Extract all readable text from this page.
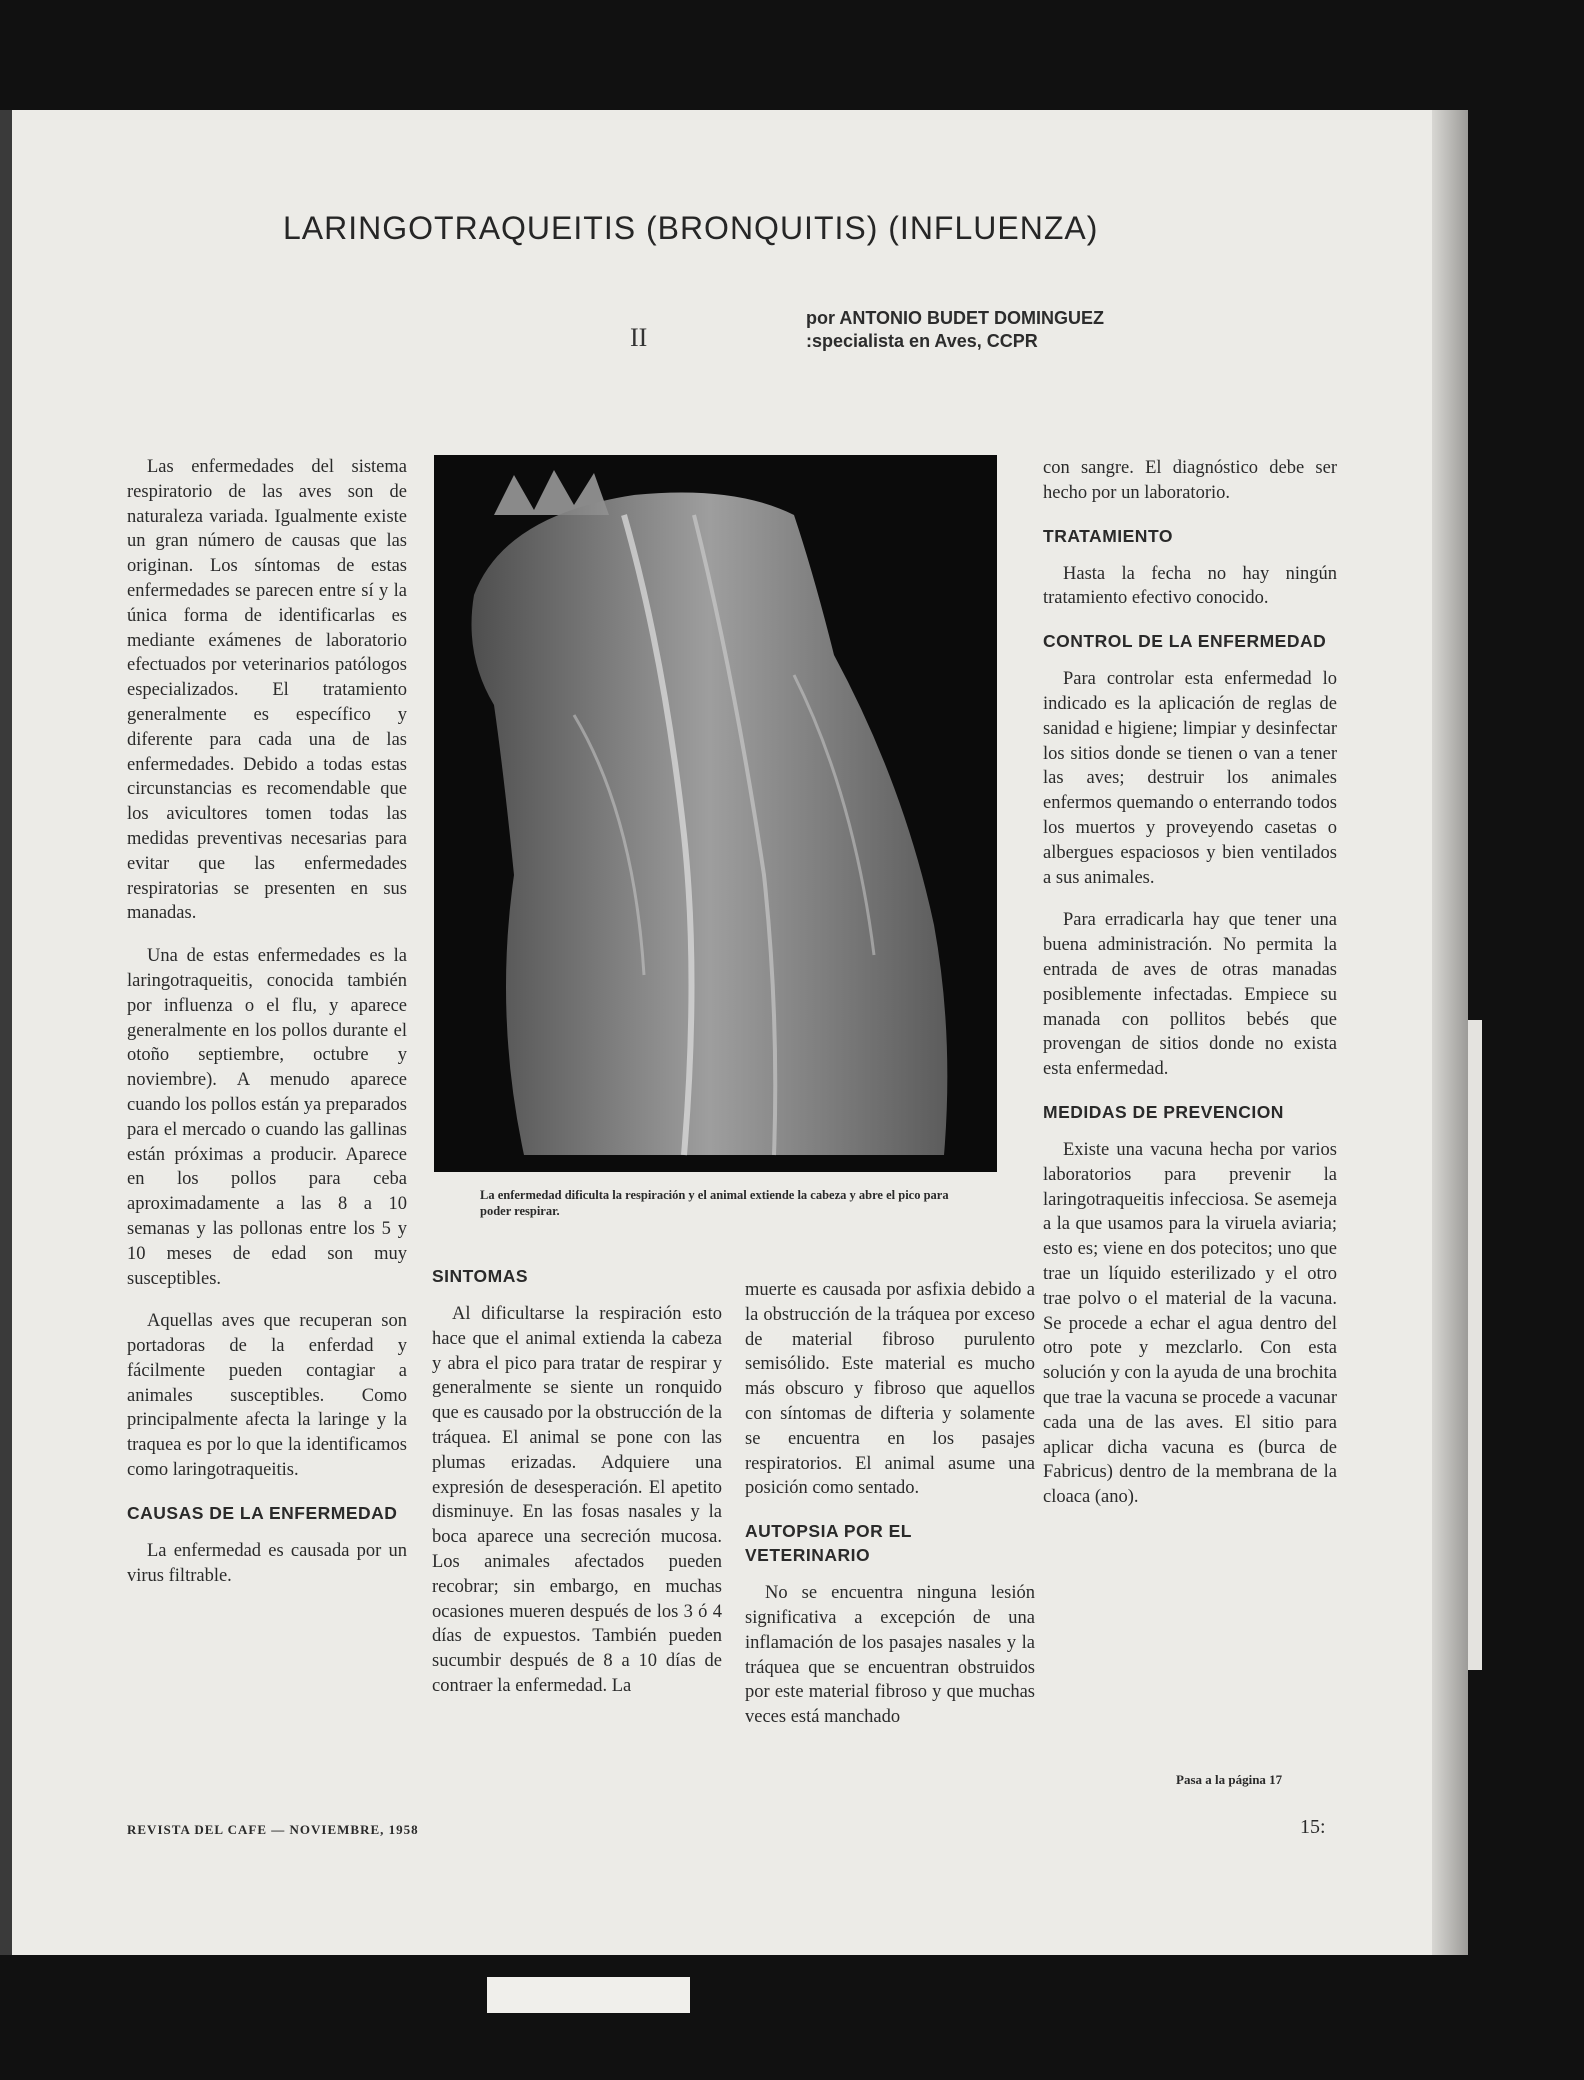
LARINGOTRAQUEITIS (BRONQUITIS) (INFLUENZA)
II
por ANTONIO BUDET DOMINGUEZ
:specialista en Aves, CCPR

Las enfermedades del sistema respiratorio de las aves son de naturaleza variada. Igualmente existe un gran número de causas que las originan. Los síntomas de estas enfermedades se parecen entre sí y la única forma de identificarlas es mediante exámenes de laboratorio efectuados por veterinarios patólogos especializados. El tratamiento generalmente es específico y diferente para cada una de las enfermedades. Debido a todas estas circunstancias es recomendable que los avicultores tomen todas las medidas preventivas necesarias para evitar que las enfermedades respiratorias se presenten en sus manadas.

Una de estas enfermedades es la laringotraqueitis, conocida también por influenza o el flu, y aparece generalmente en los pollos durante el otoño septiembre, octubre y noviembre). A menudo aparece cuando los pollos están ya preparados para el mercado o cuando las gallinas están próximas a producir. Aparece en los pollos para ceba aproximadamente a las 8 a 10 semanas y las pollonas entre los 5 y 10 meses de edad son muy susceptibles.

Aquellas aves que recuperan son portadoras de la enferdad y fácilmente pueden contagiar a animales susceptibles. Como principalmente afecta la laringe y la traquea es por lo que la identificamos como laringotraqueitis.

CAUSAS DE LA ENFERMEDAD

La enfermedad es causada por un virus filtrable.

La enfermedad dificulta la respiración y el animal extiende la cabeza y abre el pico para poder respirar.

SINTOMAS

Al dificultarse la respiración esto hace que el animal extienda la cabeza y abra el pico para tratar de respirar y generalmente se siente un ronquido que es causado por la obstrucción de la tráquea. El animal se pone con las plumas erizadas. Adquiere una expresión de desesperación. El apetito disminuye. En las fosas nasales y la boca aparece una secreción mucosa. Los animales afectados pueden recobrar; sin embargo, en muchas ocasiones mueren después de los 3 ó 4 días de expuestos. También pueden sucumbir después de 8 a 10 días de contraer la enfermedad. La

muerte es causada por asfixia debido a la obstrucción de la tráquea por exceso de material fibroso purulento semisólido. Este material es mucho más obscuro y fibroso que aquellos con síntomas de difteria y solamente se encuentra en los pasajes respiratorios. El animal asume una posición como sentado.

AUTOPSIA POR EL VETERINARIO

No se encuentra ninguna lesión significativa a excepción de una inflamación de los pasajes nasales y la tráquea que se encuentran obstruidos por este material fibroso y que muchas veces está manchado

con sangre. El diagnóstico debe ser hecho por un laboratorio.

TRATAMIENTO

Hasta la fecha no hay ningún tratamiento efectivo conocido.

CONTROL DE LA ENFERMEDAD

Para controlar esta enfermedad lo indicado es la aplicación de reglas de sanidad e higiene; limpiar y desinfectar los sitios donde se tienen o van a tener las aves; destruir los animales enfermos quemando o enterrando todos los muertos y proveyendo casetas o albergues espaciosos y bien ventilados a sus animales.

Para erradicarla hay que tener una buena administración. No permita la entrada de aves de otras manadas posiblemente infectadas. Empiece su manada con pollitos bebés que provengan de sitios donde no exista esta enfermedad.

MEDIDAS DE PREVENCION

Existe una vacuna hecha por varios laboratorios para prevenir la laringotraqueitis infecciosa. Se asemeja a la que usamos para la viruela aviaria; esto es; viene en dos potecitos; uno que trae un líquido esterilizado y el otro trae polvo o el material de la vacuna. Se procede a echar el agua dentro del otro pote y mezclarlo. Con esta solución y con la ayuda de una brochita que trae la vacuna se procede a vacunar cada una de las aves. El sitio para aplicar dicha vacuna es (burca de Fabricus) dentro de la membrana de la cloaca (ano).

Pasa a la página 17

REVISTA DEL CAFE — NOVIEMBRE, 1958	15:
